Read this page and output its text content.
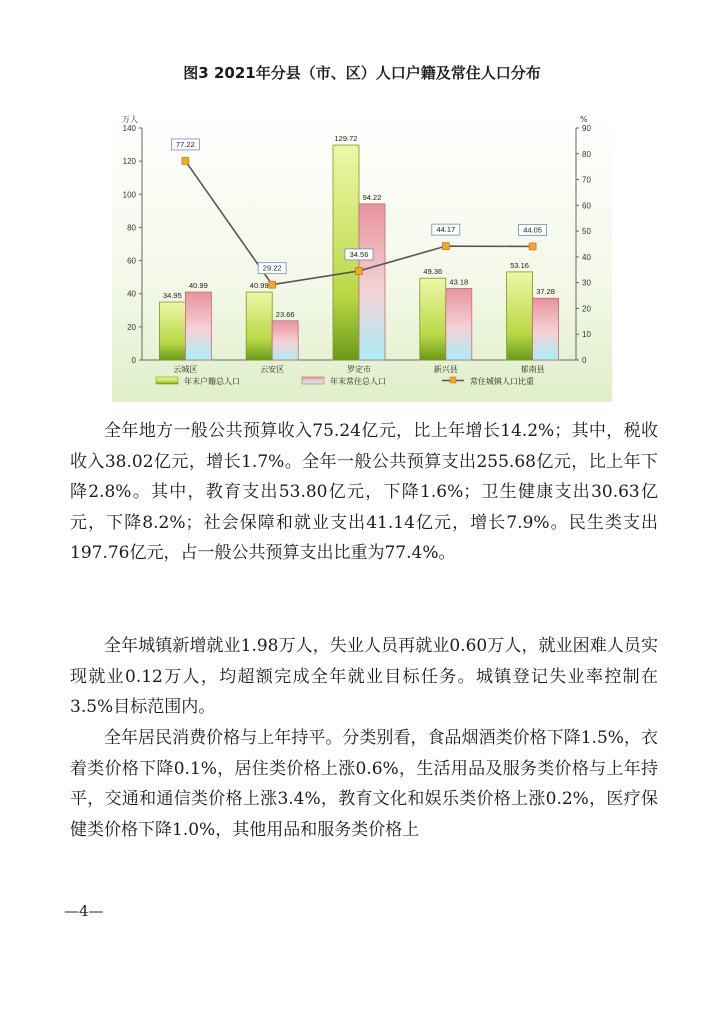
图3 2021年分县（市、区）人口户籍及常住人口分布
0
20
40
60
80
100
120
140
万人
0
10
20
30
40
50
60
70
80
90
%
34.95
40.99
云城区
40.99
23.66
云安区
129.72
94.22
罗定市
49.36
43.18
新兴县
53.16
37.28
郁南县
77.22
29.22
34.56
44.17	44.05
年末户籍总人口	年末常住总人口	常住城镇人口比重

全年地方一般公共预算收入75.24亿元，比上年增长14.2%；其中，税收收入38.02亿元，增长1.7%。全年一般公共预算支出255.68亿元，比上年下降2.8%。其中，教育支出53.80亿元，下降1.6%；卫生健康支出30.63亿元，下降8.2%；社会保障和就业支出41.14亿元，增长7.9%。民生类支出197.76亿元，占一般公共预算支出比重为77.4%。

全年城镇新增就业1.98万人，失业人员再就业0.60万人，就业困难人员实现就业0.12万人，均超额完成全年就业目标任务。城镇登记失业率控制在3.5%目标范围内。

全年居民消费价格与上年持平。分类别看，食品烟酒类价格下降1.5%，衣着类价格下降0.1%，居住类价格上涨0.6%，生活用品及服务类价格与上年持平，交通和通信类价格上涨3.4%，教育文化和娱乐类价格上涨0.2%，医疗保健类价格下降1.0%，其他用品和服务类价格上

—4—
